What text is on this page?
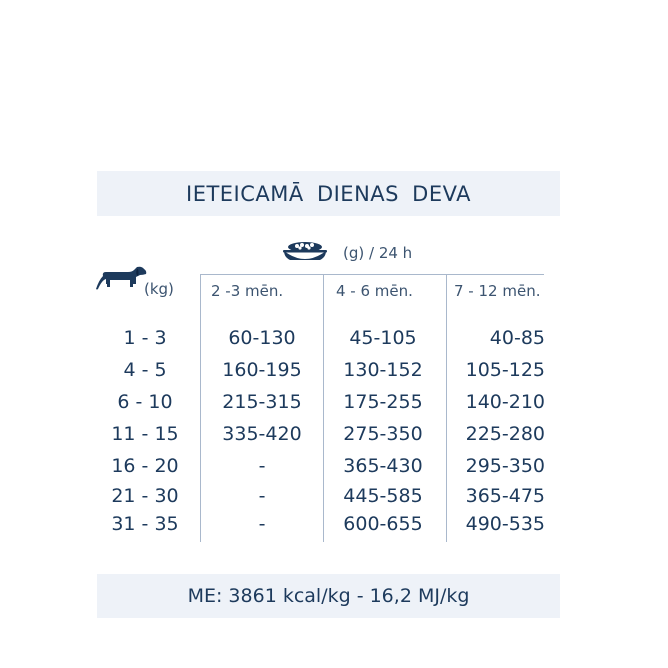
IETEICAMĀ DIENAS DEVA
(g) / 24 h
(kg) 2 -3 mēn.	4 - 6 mēn.	7 - 12 mēn.
1 - 3	60-130	45-105	40-85
4 - 5	160-195	130-152	105-125
6 - 10	215-315	175-255	140-210
11 - 15	335-420	275-350	225-280
16 - 20	-	365-430	295-350
21 - 30	-	445-585	365-475
31 - 35	-	600-655	490-535
ME: 3861 kcal/kg - 16,2 MJ/kg
